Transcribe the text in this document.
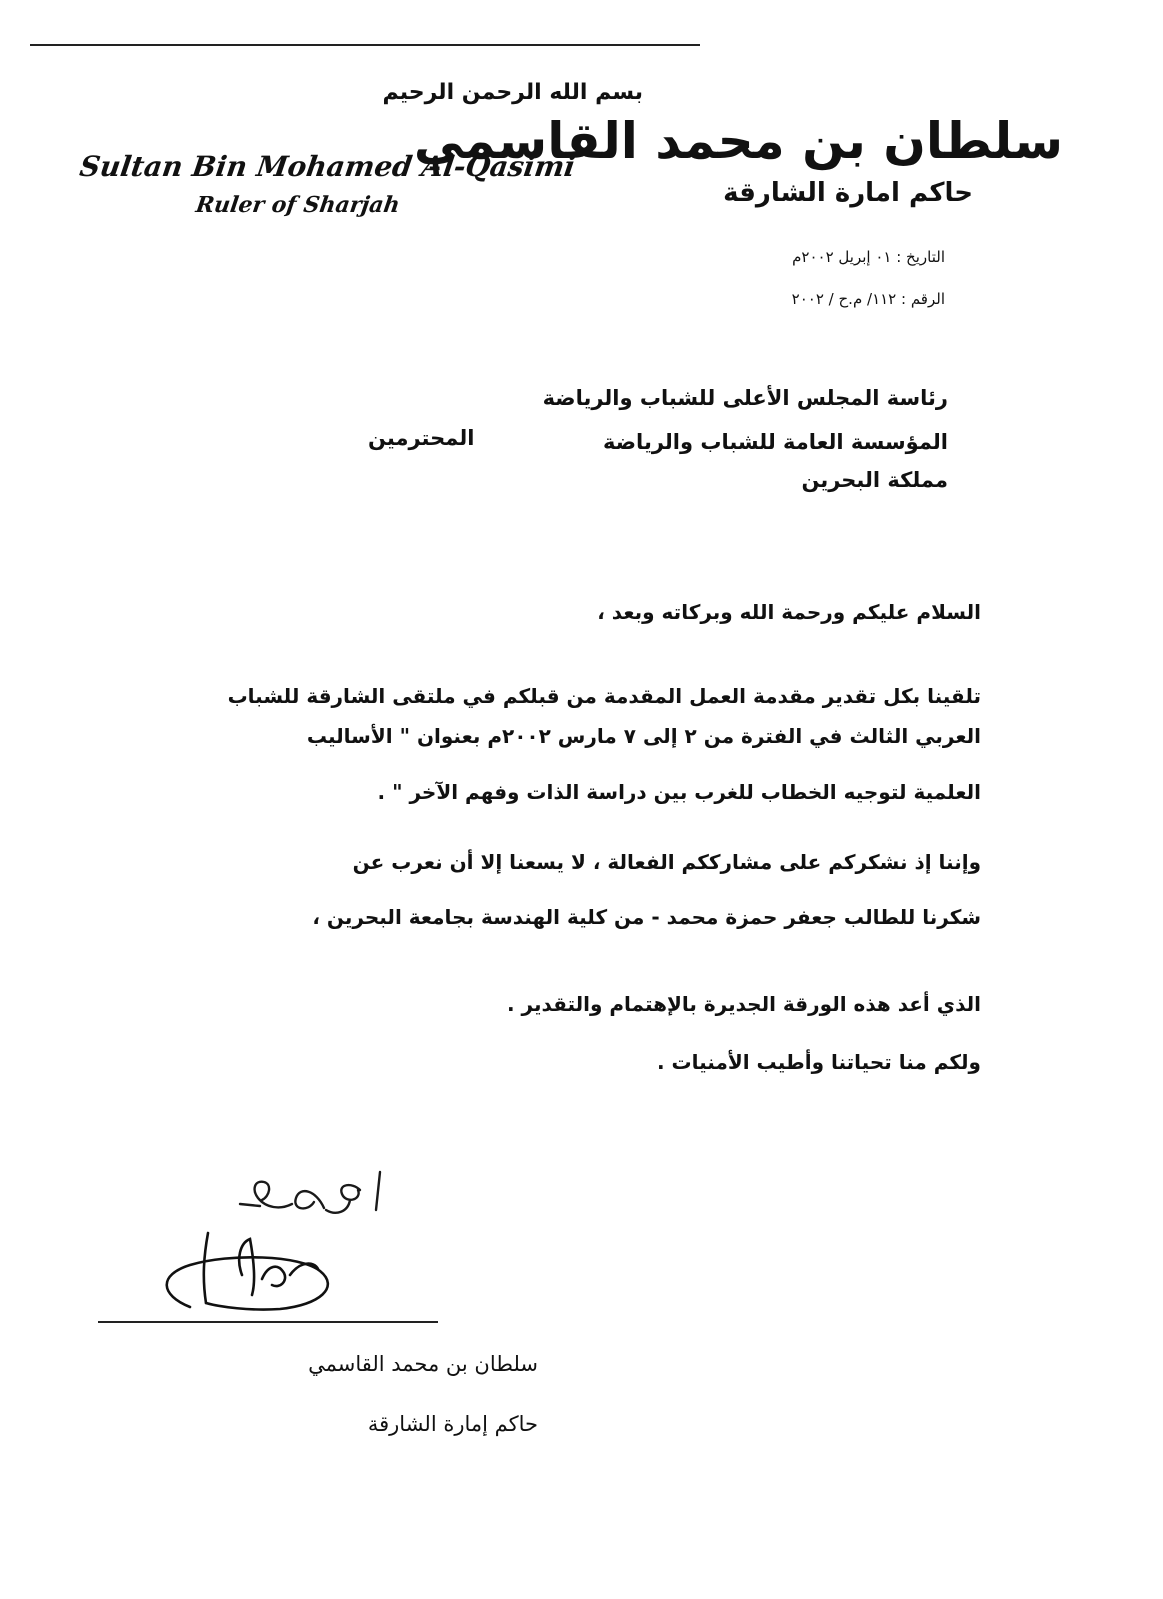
بسم الله الرحمن الرحيم
Sultan Bin Mohamed Al-Qasimi
Ruler of Sharjah
سلطان بن محمد القاسمي
حاكم امارة الشارقة
التاريخ : ٠١ إبريل ٢٠٠٢م
الرقم : ١١٢/ م.ح / ٢٠٠٢
رئاسة المجلس الأعلى للشباب والرياضة
المحترمين	المؤسسة العامة للشباب والرياضة
مملكة البحرين
السلام عليكم ورحمة الله وبركاته وبعد ،
تلقينا بكل تقدير مقدمة العمل المقدمة من قبلكم في ملتقى الشارقة للشباب
العربي الثالث في الفترة من ٢ إلى ٧ مارس ٢٠٠٢م بعنوان " الأساليب
العلمية لتوجيه الخطاب للغرب بين دراسة الذات وفهم الآخر " .
وإننا إذ نشكركم على مشارككم الفعالة ، لا يسعنا إلا أن نعرب عن
شكرنا للطالب جعفر حمزة محمد - من كلية الهندسة بجامعة البحرين ،
الذي أعد هذه الورقة الجديرة بالإهتمام والتقدير .
ولكم منا تحياتنا وأطيب الأمنيات .
سلطان بن محمد القاسمي
حاكم إمارة الشارقة
